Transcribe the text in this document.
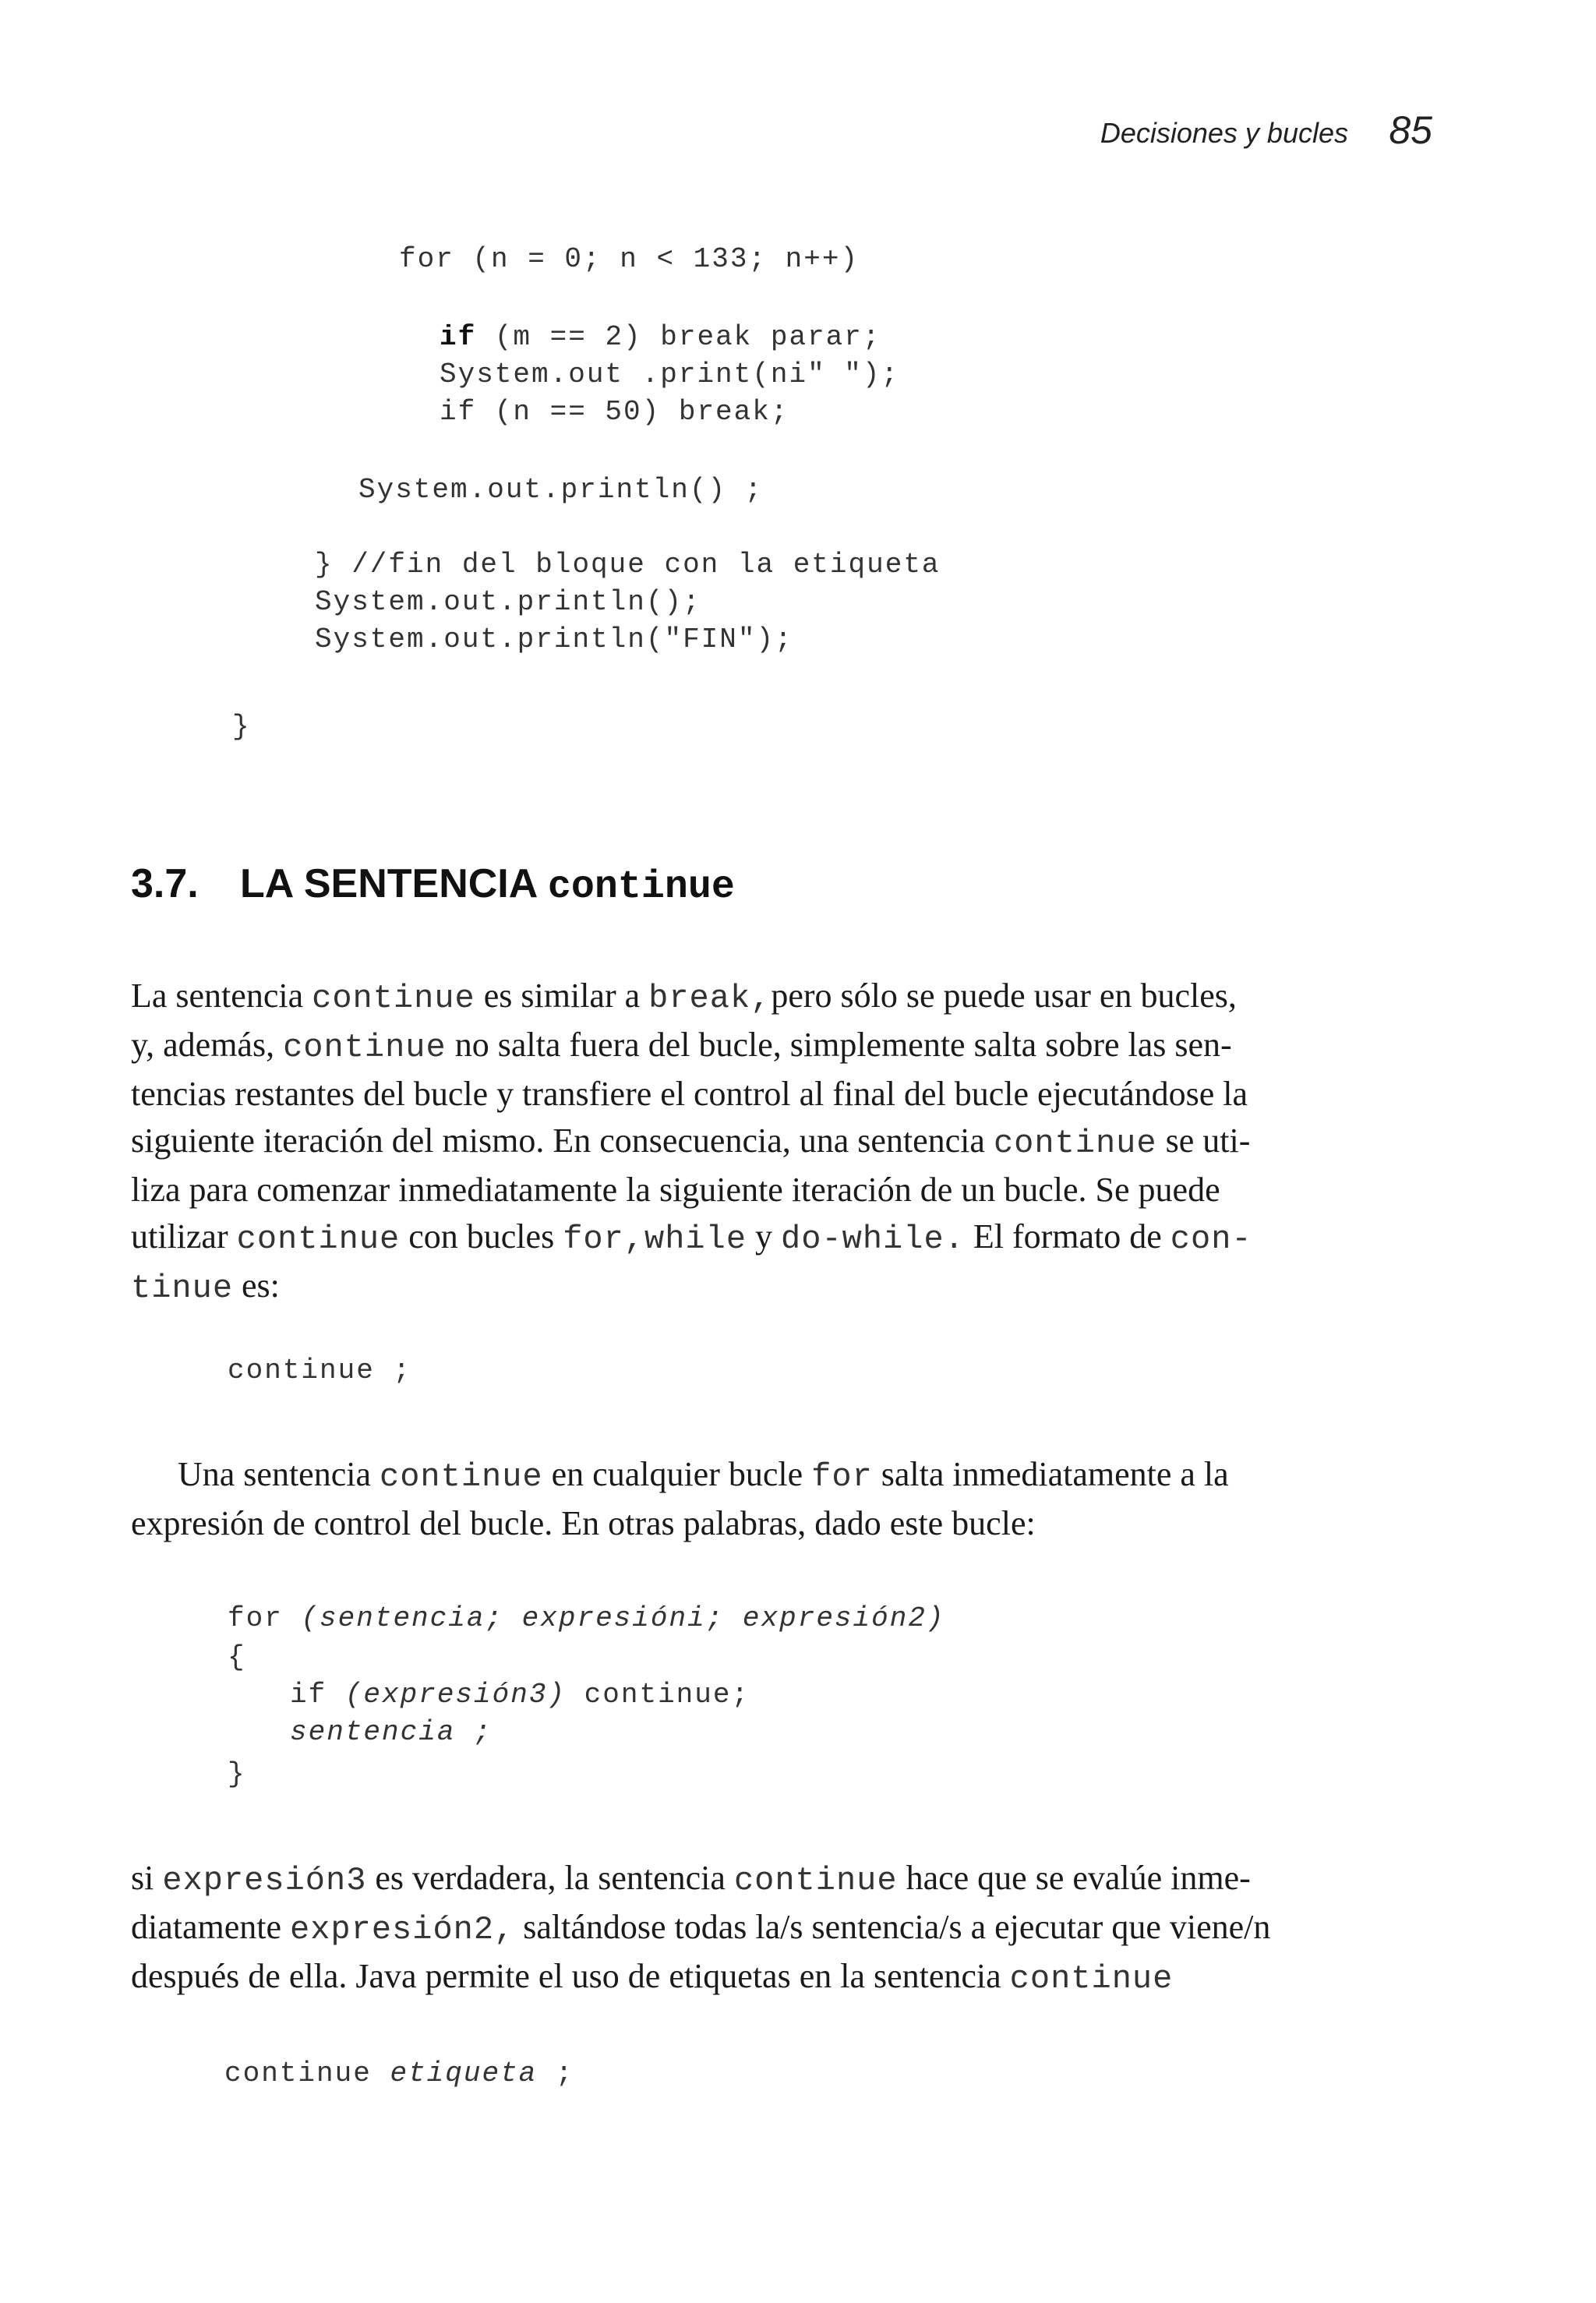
Decisiones y bucles 85
for (n = 0; n < 133; n++)
if (m == 2) break parar;
System.out .print(ni" ");
if (n == 50) break;
System.out.println() ;
} //fin del bloque con la etiqueta
System.out.println();
System.out.println("FIN");
}
3.7. LA SENTENCIA continue
La sentencia continue es similar a break,pero sólo se puede usar en bucles,
y, además, continue no salta fuera del bucle, simplemente salta sobre las sen-
tencias restantes del bucle y transfiere el control al final del bucle ejecutándose la
siguiente iteración del mismo. En consecuencia, una sentencia continue se uti-
liza para comenzar inmediatamente la siguiente iteración de un bucle. Se puede
utilizar continue con bucles for,while y do-while. El formato de con-
tinue es:
continue ;
Una sentencia continue en cualquier bucle for salta inmediatamente a la
expresión de control del bucle. En otras palabras, dado este bucle:
for (sentencia; expresióni; expresión2)
{
if (expresión3) continue;
sentencia ;
}
si expresión3 es verdadera, la sentencia continue hace que se evalúe inme-
diatamente expresión2, saltándose todas la/s sentencia/s a ejecutar que viene/n
después de ella. Java permite el uso de etiquetas en la sentencia continue
continue etiqueta ;
